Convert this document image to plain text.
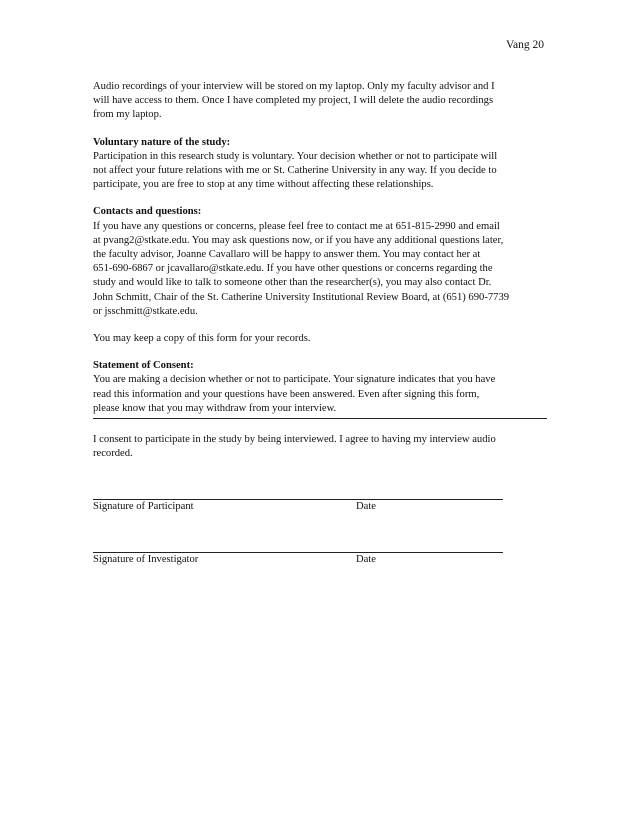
Vang 20

Audio recordings of your interview will be stored on my laptop. Only my faculty advisor and I
will have access to them. Once I have completed my project, I will delete the audio recordings
from my laptop.

Voluntary nature of the study:
Participation in this research study is voluntary. Your decision whether or not to participate will
not affect your future relations with me or St. Catherine University in any way. If you decide to
participate, you are free to stop at any time without affecting these relationships.

Contacts and questions:
If you have any questions or concerns, please feel free to contact me at 651-815-2990 and email
at pvang2@stkate.edu. You may ask questions now, or if you have any additional questions later,
the faculty advisor, Joanne Cavallaro will be happy to answer them. You may contact her at
651-690-6867 or jcavallaro@stkate.edu. If you have other questions or concerns regarding the
study and would like to talk to someone other than the researcher(s), you may also contact Dr.
John Schmitt, Chair of the St. Catherine University Institutional Review Board, at (651) 690-7739
or jsschmitt@stkate.edu.

You may keep a copy of this form for your records.

Statement of Consent:
You are making a decision whether or not to participate. Your signature indicates that you have
read this information and your questions have been answered. Even after signing this form,
please know that you may withdraw from your interview.

I consent to participate in the study by being interviewed. I agree to having my interview audio
recorded.

Signature of Participant	Date
Signature of Investigator	Date
